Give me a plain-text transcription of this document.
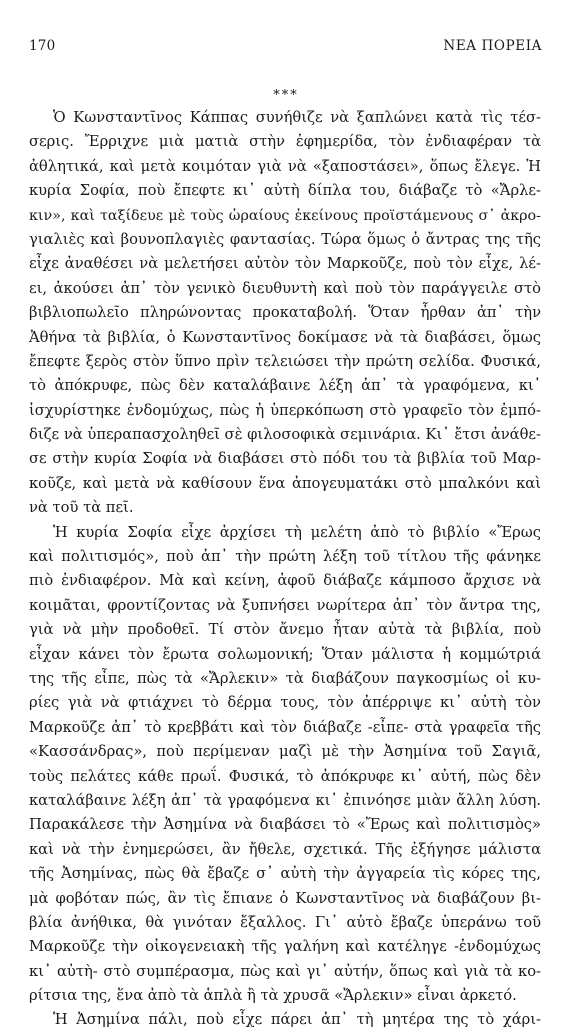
170	ΝΕΑ ΠΟΡΕΙΑ
***
Ὁ Κωνσταντῖνος Κάππας συνήθιζε νὰ ξαπλώνει κατὰ τὶς τέσ-
σερις. Ἔρριχνε μιὰ ματιὰ στὴν ἐφημερίδα, τὸν ἐνδιαφέραν τὰ
ἀθλητικά, καὶ μετὰ κοιμόταν γιὰ νὰ «ξαποστάσει», ὅπως ἔλεγε. Ἡ
κυρία Σοφία, ποὺ ἔπεφτε κι᾽ αὐτὴ δίπλα του, διάβαζε τὸ «Ἄρλε-
κιν», καὶ ταξίδευε μὲ τοὺς ὡραίους ἐκείνους προϊστάμενους σ᾽ ἀκρο-
γιαλιὲς καὶ βουνοπλαγιὲς φαντασίας. Τώρα ὅμως ὁ ἄντρας της τῆς
εἶχε ἀναθέσει νὰ μελετήσει αὐτὸν τὸν Μαρκοῦζε, ποὺ τὸν εἶχε, λέ-
ει, ἀκούσει ἀπ᾽ τὸν γενικὸ διευθυντὴ καὶ ποὺ τὸν παράγγειλε στὸ
βιβλιοπωλεῖο πληρώνοντας προκαταβολή. Ὅταν ἦρθαν ἀπ᾽ τὴν
Ἀθήνα τὰ βιβλία, ὁ Κωνσταντῖνος δοκίμασε νὰ τὰ διαβάσει, ὅμως
ἔπεφτε ξερὸς στὸν ὕπνο πρὶν τελειώσει τὴν πρώτη σελίδα. Φυσικά,
τὸ ἀπόκρυφε, πὼς δὲν καταλάβαινε λέξη ἀπ᾽ τὰ γραφόμενα, κι᾽
ἰσχυρίστηκε ἐνδομύχως, πὼς ἡ ὑπερκόπωση στὸ γραφεῖο τὸν ἐμπό-
διζε νὰ ὑπεραπασχοληθεῖ σὲ φιλοσοφικὰ σεμινάρια. Κι᾽ ἔτσι ἀνάθε-
σε στὴν κυρία Σοφία νὰ διαβάσει στὸ πόδι του τὰ βιβλία τοῦ Μαρ-
κοῦζε, καὶ μετὰ νὰ καθίσουν ἕνα ἀπογευματάκι στὸ μπαλκόνι καὶ
νὰ τοῦ τὰ πεῖ.
Ἡ κυρία Σοφία εἶχε ἀρχίσει τὴ μελέτη ἀπὸ τὸ βιβλίο «Ἔρως
καὶ πολιτισμός», ποὺ ἀπ᾽ τὴν πρώτη λέξη τοῦ τίτλου τῆς φάνηκε
πιὸ ἐνδιαφέρον. Μὰ καὶ κείνη, ἀφοῦ διάβαζε κάμποσο ἄρχισε νὰ
κοιμᾶται, φροντίζοντας νὰ ξυπνήσει νωρίτερα ἀπ᾽ τὸν ἄντρα της,
γιὰ νὰ μὴν προδοθεῖ. Τί στὸν ἄνεμο ἦταν αὐτὰ τὰ βιβλία, ποὺ
εἶχαν κάνει τὸν ἔρωτα σολωμονική; Ὅταν μάλιστα ἡ κομμώτριά
της τῆς εἶπε, πὼς τὰ «Ἄρλεκιν» τὰ διαβάζουν παγκοσμίως οἱ κυ-
ρίες γιὰ νὰ φτιάχνει τὸ δέρμα τους, τὸν ἀπέρριψε κι᾽ αὐτὴ τὸν
Μαρκοῦζε ἀπ᾽ τὸ κρεββάτι καὶ τὸν διάβαζε -εἶπε- στὰ γραφεῖα τῆς
«Κασσάνδρας», ποὺ περίμεναν μαζὶ μὲ τὴν Ἀσημίνα τοῦ Σαγιᾶ,
τοὺς πελάτες κάθε πρωΐ. Φυσικά, τὸ ἀπόκρυφε κι᾽ αὐτή, πὼς δὲν
καταλάβαινε λέξη ἀπ᾽ τὰ γραφόμενα κι᾽ ἐπινόησε μιὰν ἄλλη λύση.
Παρακάλεσε τὴν Ἀσημίνα νὰ διαβάσει τὸ «Ἔρως καὶ πολιτισμὸς»
καὶ νὰ τὴν ἐνημερώσει, ἂν ἤθελε, σχετικά. Τῆς ἐξήγησε μάλιστα
τῆς Ἀσημίνας, πὼς θὰ ἔβαζε σ᾽ αὐτὴ τὴν ἀγγαρεία τὶς κόρες της,
μὰ φοβόταν πώς, ἂν τὶς ἔπιανε ὁ Κωνσταντῖνος νὰ διαβάζουν βι-
βλία ἀνήθικα, θὰ γινόταν ἔξαλλος. Γι᾽ αὐτὸ ἔβαζε ὑπεράνω τοῦ
Μαρκοῦζε τὴν οἰκογενειακὴ τῆς γαλήνη καὶ κατέληγε -ἐνδομύχως
κι᾽ αὐτὴ- στὸ συμπέρασμα, πὼς καὶ γι᾽ αὐτήν, ὅπως καὶ γιὰ τὰ κο-
ρίτσια της, ἕνα ἀπὸ τὰ ἁπλὰ ἢ τὰ χρυσᾶ «Ἄρλεκιν» εἶναι ἀρκετό.
Ἡ Ἀσημίνα πάλι, ποὺ εἶχε πάρει ἀπ᾽ τὴ μητέρα της τὸ χάρι-
